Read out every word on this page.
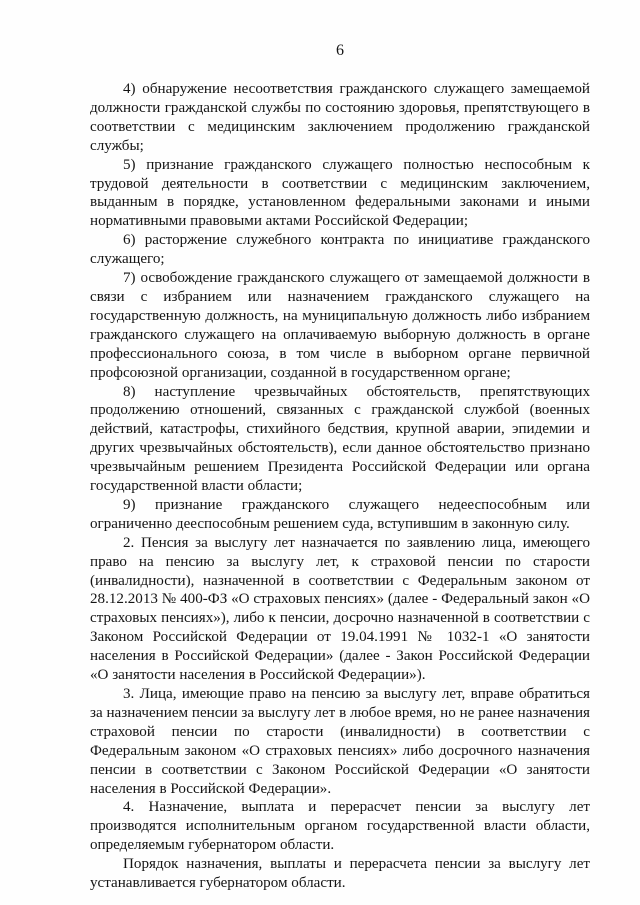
6

4) обнаружение несоответствия гражданского служащего замещаемой должности гражданской службы по состоянию здоровья, препятствующего в соответствии с медицинским заключением продолжению гражданской службы;

5) признание гражданского служащего полностью неспособным к трудовой деятельности в соответствии с медицинским заключением, выданным в порядке, установленном федеральными законами и иными нормативными правовыми актами Российской Федерации;

6) расторжение служебного контракта по инициативе гражданского служащего;

7) освобождение гражданского служащего от замещаемой должности в связи с избранием или назначением гражданского служащего на государственную должность, на муниципальную должность либо избранием гражданского служащего на оплачиваемую выборную должность в органе профессионального союза, в том числе в выборном органе первичной профсоюзной организации, созданной в государственном органе;

8) наступление чрезвычайных обстоятельств, препятствующих продолжению отношений, связанных с гражданской службой (военных действий, катастрофы, стихийного бедствия, крупной аварии, эпидемии и других чрезвычайных обстоятельств), если данное обстоятельство признано чрезвычайным решением Президента Российской Федерации или органа государственной власти области;

9) признание гражданского служащего недееспособным или ограниченно дееспособным решением суда, вступившим в законную силу.

2. Пенсия за выслугу лет назначается по заявлению лица, имеющего право на пенсию за выслугу лет, к страховой пенсии по старости (инвалидности), назначенной в соответствии с Федеральным законом от 28.12.2013 № 400-ФЗ «О страховых пенсиях» (далее - Федеральный закон «О страховых пенсиях»), либо к пенсии, досрочно назначенной в соответствии с Законом Российской Федерации от 19.04.1991 № 1032-1 «О занятости населения в Российской Федерации» (далее - Закон Российской Федерации «О занятости населения в Российской Федерации»).

3. Лица, имеющие право на пенсию за выслугу лет, вправе обратиться за назначением пенсии за выслугу лет в любое время, но не ранее назначения страховой пенсии по старости (инвалидности) в соответствии с Федеральным законом «О страховых пенсиях» либо досрочного назначения пенсии в соответствии с Законом Российской Федерации «О занятости населения в Российской Федерации».

4. Назначение, выплата и перерасчет пенсии за выслугу лет производятся исполнительным органом государственной власти области, определяемым губернатором области.

Порядок назначения, выплаты и перерасчета пенсии за выслугу лет устанавливается губернатором области.
